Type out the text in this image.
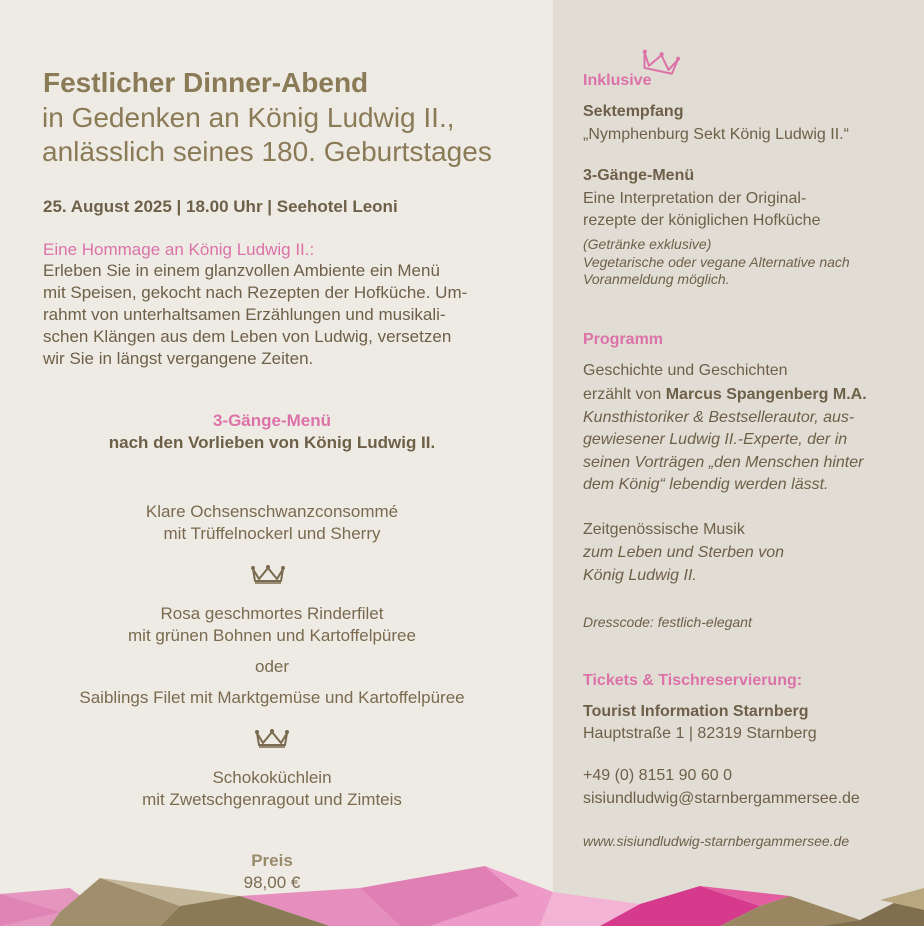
Festlicher Dinner-Abend
in Gedenken an König Ludwig II.,
anlässlich seines 180. Geburtstages
25. August 2025 | 18.00 Uhr | Seehotel Leoni
Eine Hommage an König Ludwig II.:
Erleben Sie in einem glanzvollen Ambiente ein Menü
mit Speisen, gekocht nach Rezepten der Hofküche. Um-
rahmt von unterhaltsamen Erzählungen und musikali-
schen Klängen aus dem Leben von Ludwig, versetzen
wir Sie in längst vergangene Zeiten.
3-Gänge-Menü
nach den Vorlieben von König Ludwig II.
Klare Ochsenschwanzconsommé
mit Trüffelnockerl und Sherry
Rosa geschmortes Rinderfilet
mit grünen Bohnen und Kartoffelpüree
oder
Saiblings Filet mit Marktgemüse und Kartoffelpüree
Schokoküchlein
mit Zwetschgenragout und Zimteis
Preis
98,00 €
Inklusive
Sektempfang
„Nymphenburg Sekt König Ludwig II.“
3-Gänge-Menü
Eine Interpretation der Original-
rezepte der königlichen Hofküche
(Getränke exklusive)
Vegetarische oder vegane Alternative nach
Voranmeldung möglich.
Programm
Geschichte und Geschichten
erzählt von Marcus Spangenberg M.A.
Kunsthistoriker & Bestsellerautor, aus-
gewiesener Ludwig II.-Experte, der in
seinen Vorträgen „den Menschen hinter
dem König“ lebendig werden lässt.
Zeitgenössische Musik
zum Leben und Sterben von
König Ludwig II.
Dresscode: festlich-elegant
Tickets & Tischreservierung:
Tourist Information Starnberg
Hauptstraße 1 | 82319 Starnberg
+49 (0) 8151 90 60 0
sisiundludwig@starnbergammersee.de
www.sisiundludwig-starnbergammersee.de
